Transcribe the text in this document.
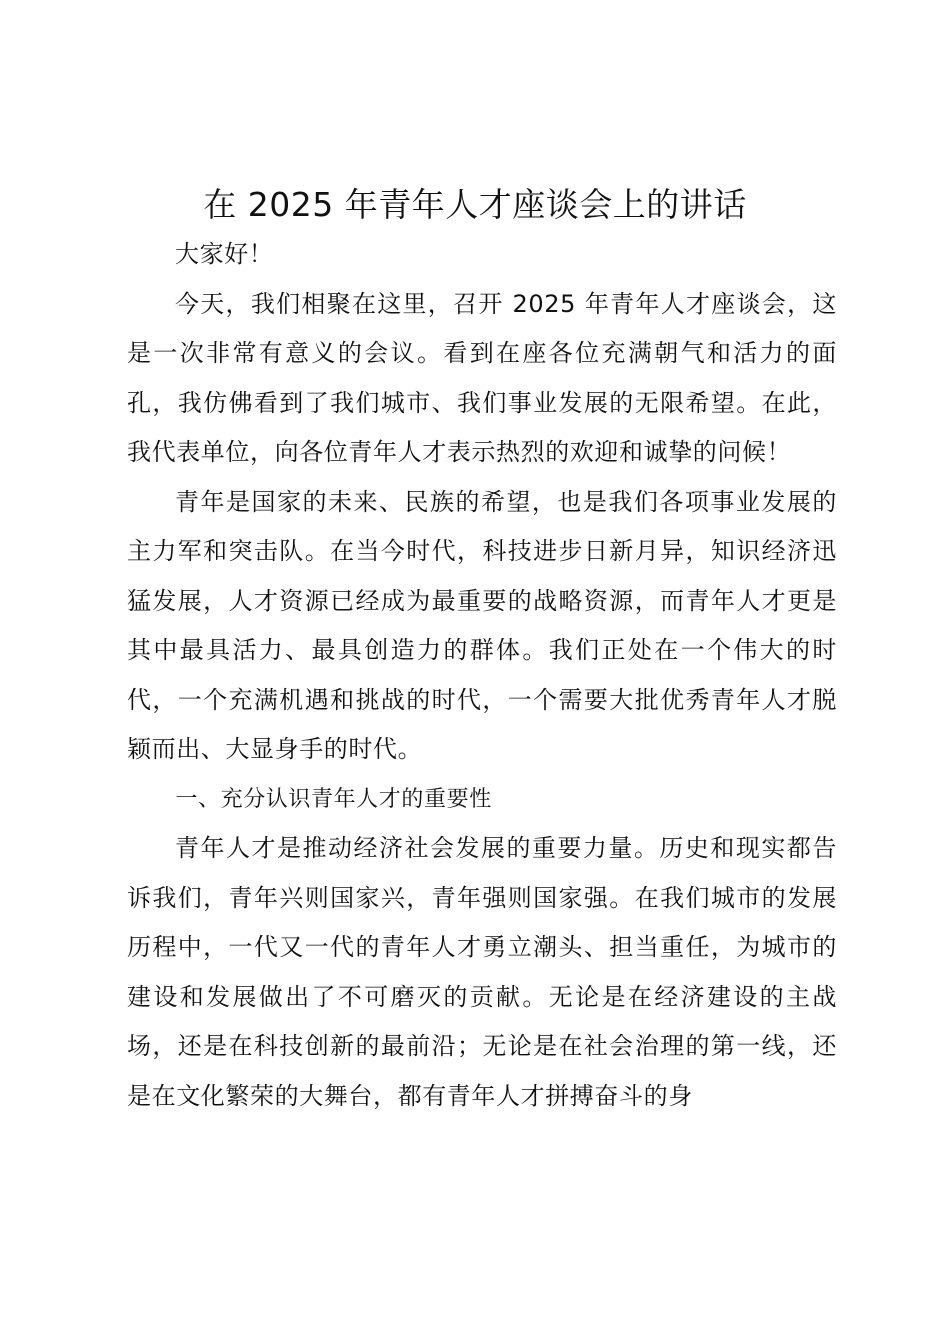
在 2025 年青年人才座谈会上的讲话

大家好！

今天，我们相聚在这里，召开 2025 年青年人才座谈会，这是一次非常有意义的会议。看到在座各位充满朝气和活力的面孔，我仿佛看到了我们城市、我们事业发展的无限希望。在此，我代表单位，向各位青年人才表示热烈的欢迎和诚挚的问候！

青年是国家的未来、民族的希望，也是我们各项事业发展的主力军和突击队。在当今时代，科技进步日新月异，知识经济迅猛发展，人才资源已经成为最重要的战略资源，而青年人才更是其中最具活力、最具创造力的群体。我们正处在一个伟大的时代，一个充满机遇和挑战的时代，一个需要大批优秀青年人才脱颖而出、大显身手的时代。

一、充分认识青年人才的重要性

青年人才是推动经济社会发展的重要力量。历史和现实都告诉我们，青年兴则国家兴，青年强则国家强。在我们城市的发展历程中，一代又一代的青年人才勇立潮头、担当重任，为城市的建设和发展做出了不可磨灭的贡献。无论是在经济建设的主战场，还是在科技创新的最前沿；无论是在社会治理的第一线，还是在文化繁荣的大舞台，都有青年人才拼搏奋斗的身
